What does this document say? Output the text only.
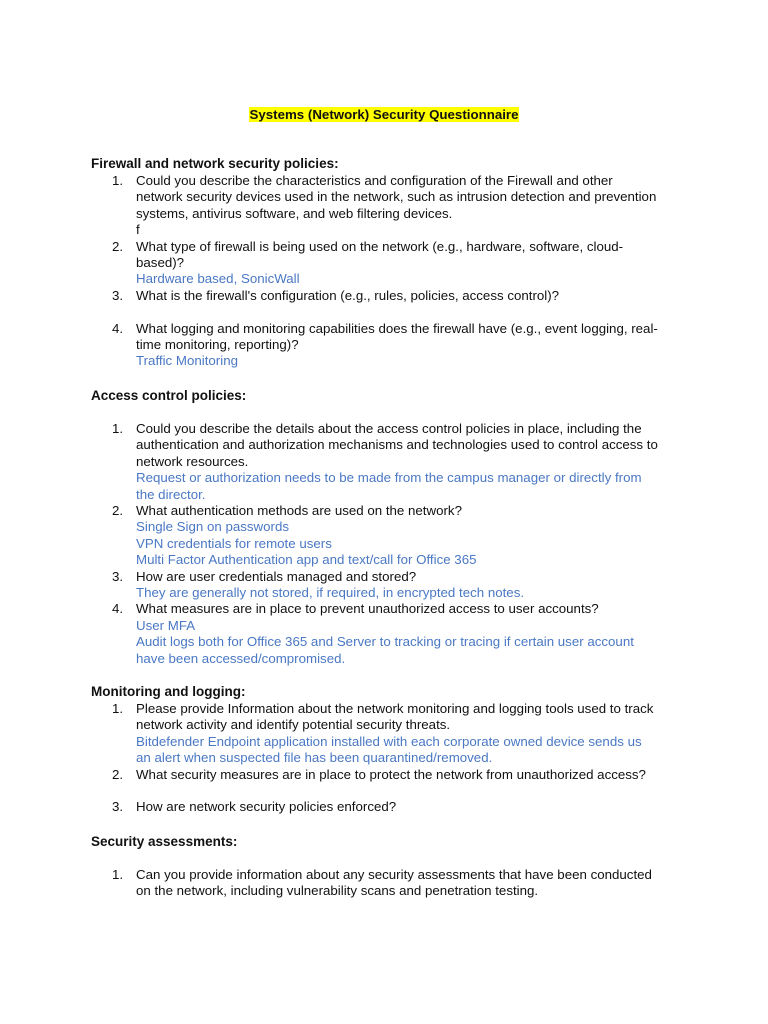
Systems (Network) Security Questionnaire
Firewall and network security policies:
1. Could you describe the characteristics and configuration of the Firewall and other
network security devices used in the network, such as intrusion detection and prevention
systems, antivirus software, and web filtering devices.
f
2. What type of firewall is being used on the network (e.g., hardware, software, cloud-
based)?
Hardware based, SonicWall
3. What is the firewall's configuration (e.g., rules, policies, access control)?
4. What logging and monitoring capabilities does the firewall have (e.g., event logging, real-
time monitoring, reporting)?
Traffic Monitoring
Access control policies:
1. Could you describe the details about the access control policies in place, including the
authentication and authorization mechanisms and technologies used to control access to
network resources.
Request or authorization needs to be made from the campus manager or directly from
the director.
2. What authentication methods are used on the network?
Single Sign on passwords
VPN credentials for remote users
Multi Factor Authentication app and text/call for Office 365
3. How are user credentials managed and stored?
They are generally not stored, if required, in encrypted tech notes.
4. What measures are in place to prevent unauthorized access to user accounts?
User MFA
Audit logs both for Office 365 and Server to tracking or tracing if certain user account
have been accessed/compromised.
Monitoring and logging:
1. Please provide Information about the network monitoring and logging tools used to track
network activity and identify potential security threats.
Bitdefender Endpoint application installed with each corporate owned device sends us
an alert when suspected file has been quarantined/removed.
2. What security measures are in place to protect the network from unauthorized access?
3. How are network security policies enforced?
Security assessments:
1. Can you provide information about any security assessments that have been conducted
on the network, including vulnerability scans and penetration testing.
